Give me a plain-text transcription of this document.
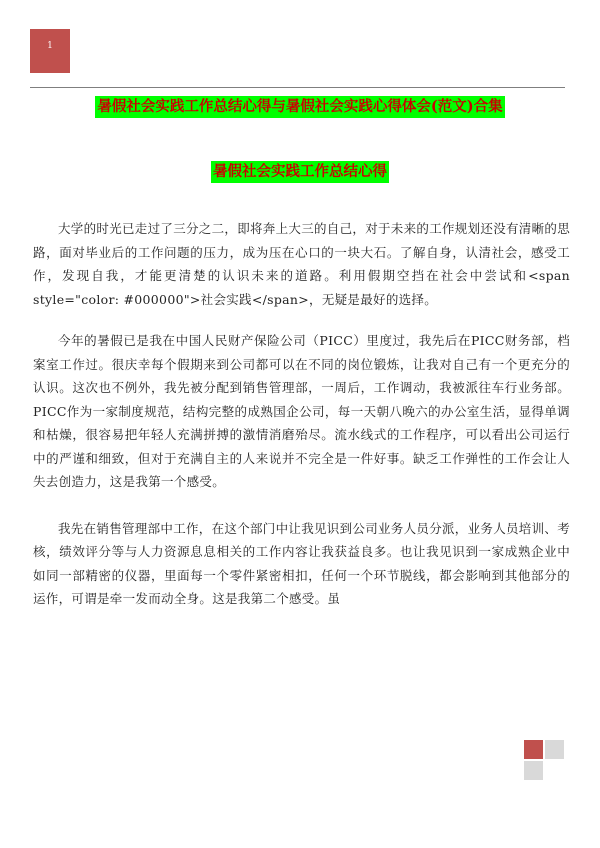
1
暑假社会实践工作总结心得与暑假社会实践心得体会(范文)合集
暑假社会实践工作总结心得

大学的时光已走过了三分之二，即将奔上大三的自己，对于未来的工作规划还没有清晰的思路，面对毕业后的工作问题的压力，成为压在心口的一块大石。了解自身，认清社会，感受工作，发现自我，才能更清楚的认识未来的道路。利用假期空挡在社会中尝试和<span style="color: #000000">社会实践</span>，无疑是最好的选择。

今年的暑假已是我在中国人民财产保险公司（PICC）里度过，我先后在PICC财务部，档案室工作过。很庆幸每个假期来到公司都可以在不同的岗位锻炼，让我对自己有一个更充分的认识。这次也不例外，我先被分配到销售管理部，一周后，工作调动，我被派往车行业务部。PICC作为一家制度规范，结构完整的成熟国企公司，每一天朝八晚六的办公室生活，显得单调和枯燥，很容易把年轻人充满拼搏的激情消磨殆尽。流水线式的工作程序，可以看出公司运行中的严谨和细致，但对于充满自主的人来说并不完全是一件好事。缺乏工作弹性的工作会让人失去创造力，这是我第一个感受。

我先在销售管理部中工作，在这个部门中让我见识到公司业务人员分派，业务人员培训、考核，绩效评分等与人力资源息息相关的工作内容让我获益良多。也让我见识到一家成熟企业中如同一部精密的仪器，里面每一个零件紧密相扣，任何一个环节脱线，都会影响到其他部分的运作，可谓是牵一发而动全身。这是我第二个感受。虽
